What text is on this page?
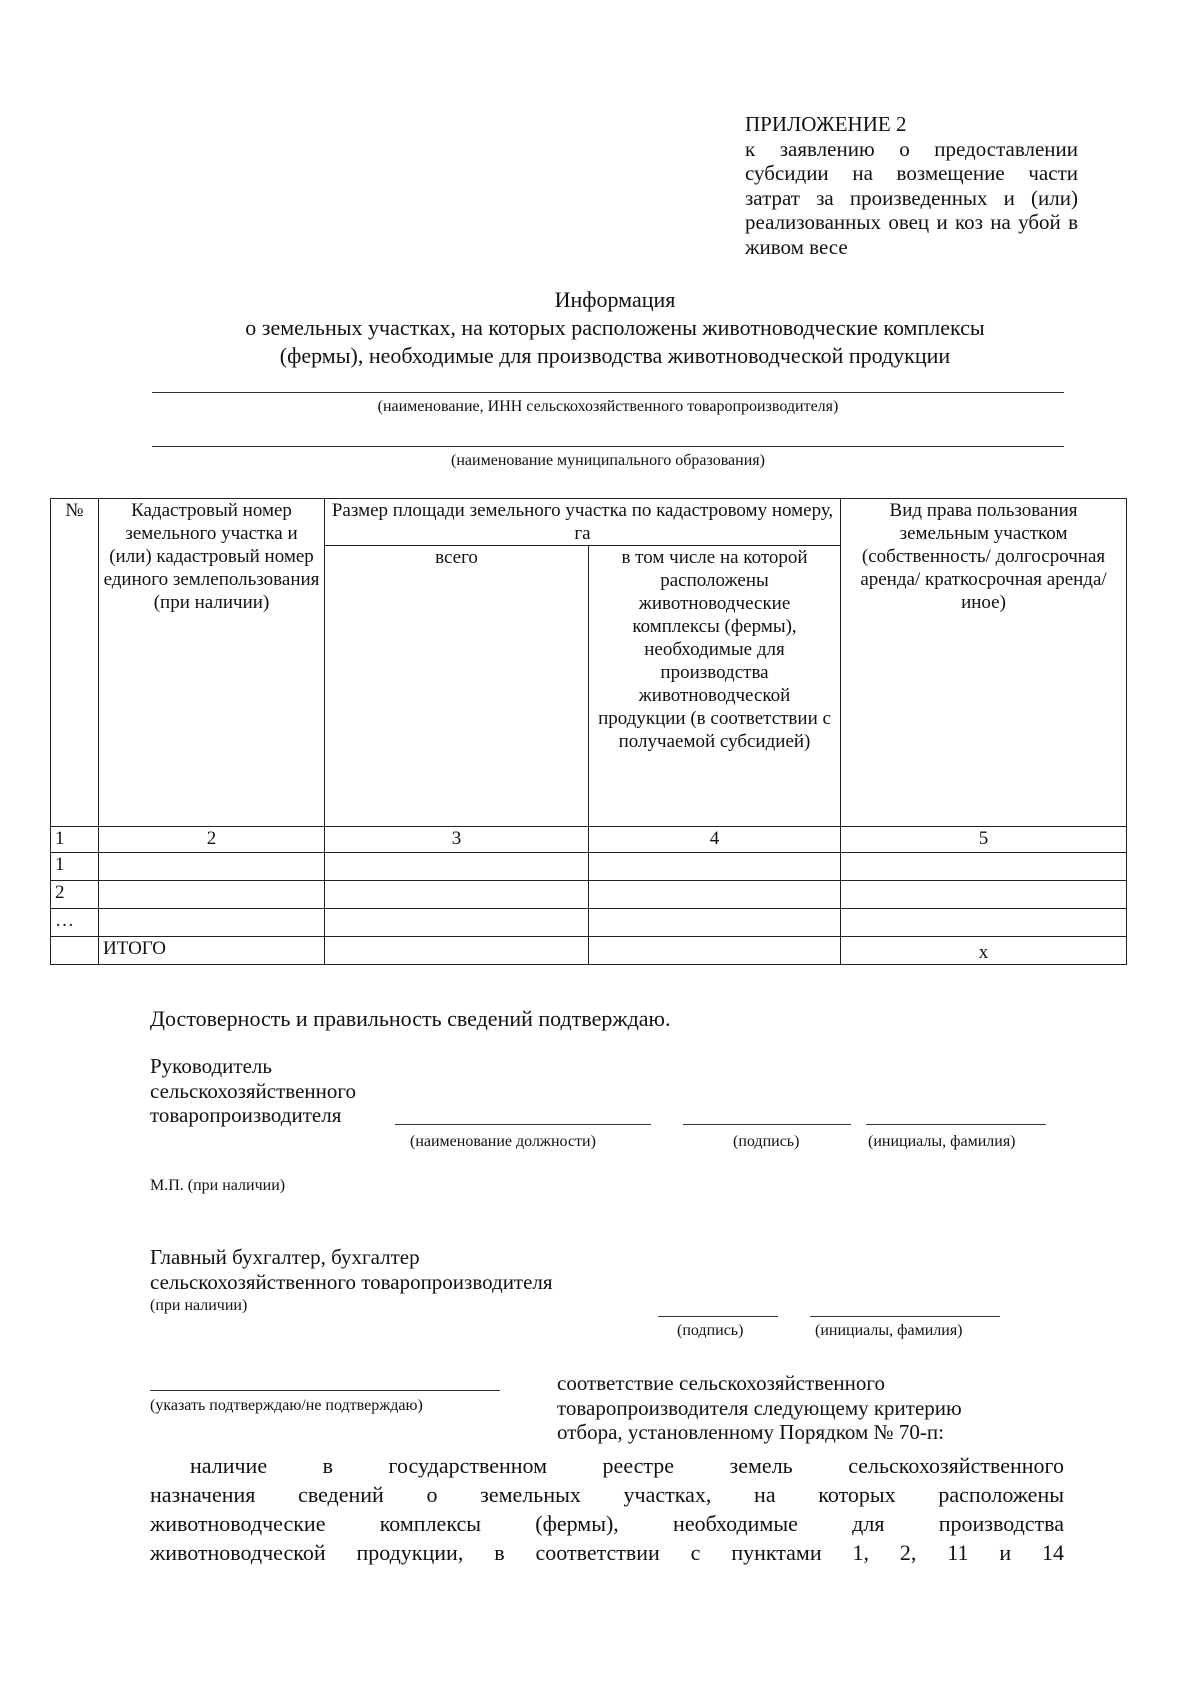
ПРИЛОЖЕНИЕ 2
к заявлению о предоставлении субсидии на возмещение части затрат за произведенных и (или) реализованных овец и коз на убой в живом весе
Информация
о земельных участках, на которых расположены животноводческие комплексы
(фермы), необходимые для производства животноводческой продукции
(наименование, ИНН сельскохозяйственного товаропроизводителя)
(наименование муниципального образования)
№	Кадастровый номер земельного участка и (или) кадастровый номер единого землепользования (при наличии)	Размер площади земельного участка по кадастровому номеру, га		Вид права пользования земельным участком (собственность/ долгосрочная аренда/ краткосрочная аренда/ иное)
		всего	в том числе на которой расположены животноводческие комплексы (фермы), необходимые для производства животноводческой продукции (в соответствии с получаемой субсидией)	
1	2	3	4	5
1				
2				
…				
	ИТОГО			х
Достоверность и правильность сведений подтверждаю.
Руководитель
сельскохозяйственного
товаропроизводителя
(наименование должности)	(подпись)	(инициалы, фамилия)
М.П. (при наличии)
Главный бухгалтер, бухгалтер
сельскохозяйственного товаропроизводителя
(при наличии)
(подпись)	(инициалы, фамилия)
(указать подтверждаю/не подтверждаю)
соответствие сельскохозяйственного
товаропроизводителя следующему критерию
отбора, установленному Порядком № 70-п:
наличие в государственном реестре земель сельскохозяйственного
назначения сведений о земельных участках, на которых расположены
животноводческие комплексы (фермы), необходимые для производства
животноводческой продукции, в соответствии с пунктами 1, 2, 11 и 14
